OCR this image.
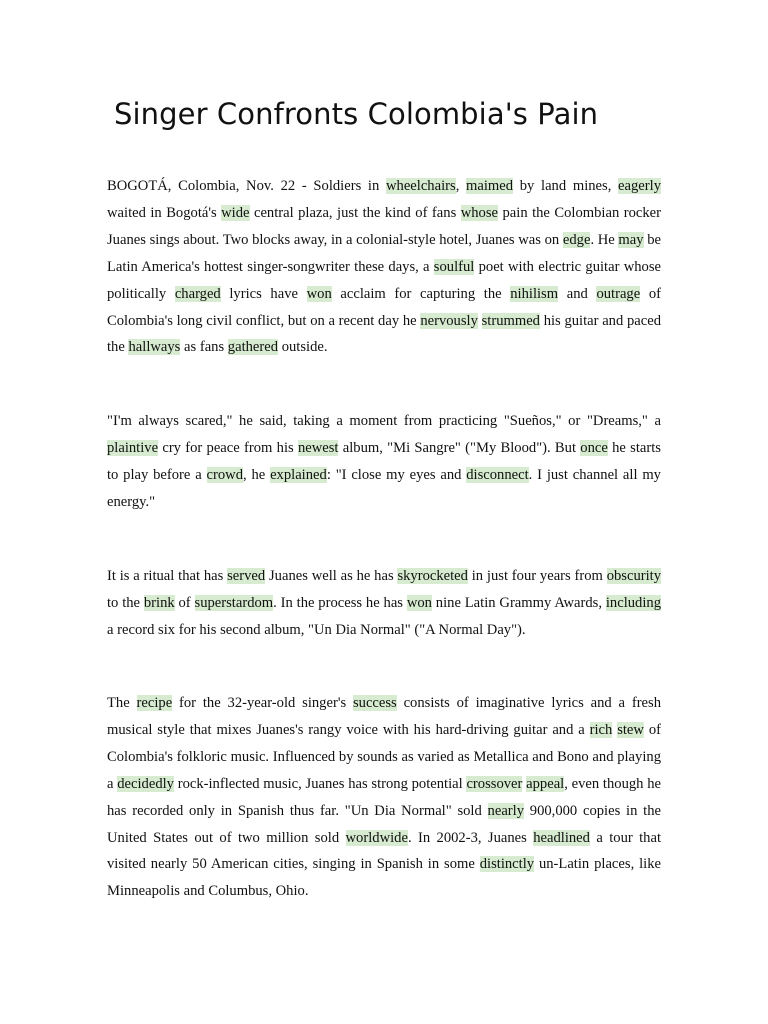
Singer Confronts Colombia's Pain

BOGOTÁ, Colombia, Nov. 22 - Soldiers in wheelchairs, maimed by land mines, eagerly waited in Bogotá's wide central plaza, just the kind of fans whose pain the Colombian rocker Juanes sings about. Two blocks away, in a colonial-style hotel, Juanes was on edge. He may be Latin America's hottest singer-songwriter these days, a soulful poet with electric guitar whose politically charged lyrics have won acclaim for capturing the nihilism and outrage of Colombia's long civil conflict, but on a recent day he nervously strummed his guitar and paced the hallways as fans gathered outside.

"I'm always scared," he said, taking a moment from practicing "Sueños," or "Dreams," a plaintive cry for peace from his newest album, "Mi Sangre" ("My Blood"). But once he starts to play before a crowd, he explained: "I close my eyes and disconnect. I just channel all my energy."

It is a ritual that has served Juanes well as he has skyrocketed in just four years from obscurity to the brink of superstardom. In the process he has won nine Latin Grammy Awards, including a record six for his second album, "Un Dia Normal" ("A Normal Day").

The recipe for the 32-year-old singer's success consists of imaginative lyrics and a fresh musical style that mixes Juanes's rangy voice with his hard-driving guitar and a rich stew of Colombia's folkloric music. Influenced by sounds as varied as Metallica and Bono and playing a decidedly rock-inflected music, Juanes has strong potential crossover appeal, even though he has recorded only in Spanish thus far. "Un Dia Normal" sold nearly 900,000 copies in the United States out of two million sold worldwide. In 2002-3, Juanes headlined a tour that visited nearly 50 American cities, singing in Spanish in some distinctly un-Latin places, like Minneapolis and Columbus, Ohio.
